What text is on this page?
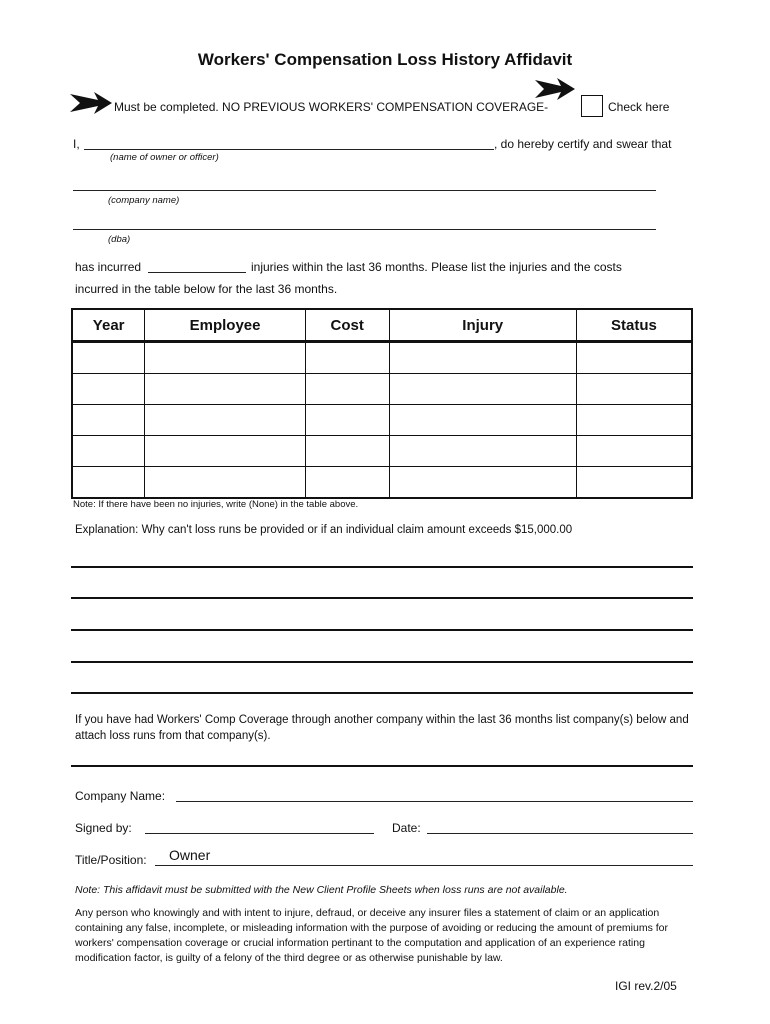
Workers' Compensation Loss History Affidavit
Must be completed. NO PREVIOUS WORKERS' COMPENSATION COVERAGE-	Check here
I,	, do hereby certify and swear that
(name of owner or officer)
(company name)
(dba)
has incurred	injuries within the last 36 months. Please list the injuries and the costs
incurred in the table below for the last 36 months.
Year	Employee	Cost	Injury	Status

Note: If there have been no injuries, write (None) in the table above.
Explanation: Why can't loss runs be provided or if an individual claim amount exceeds $15,000.00
If you have had Workers' Comp Coverage through another company within the last 36 months list company(s) below and attach loss runs from that company(s).
Company Name:
Signed by:	Date:
Title/Position: Owner
Note: This affidavit must be submitted with the New Client Profile Sheets when loss runs are not available.
Any person who knowingly and with intent to injure, defraud, or deceive any insurer files a statement of claim or an application containing any false, incomplete, or misleading information with the purpose of avoiding or reducing the amount of premiums for workers' compensation coverage or crucial information pertinant to the computation and application of an experience rating modification factor, is guilty of a felony of the third degree or as otherwise punishable by law.
IGI rev.2/05
